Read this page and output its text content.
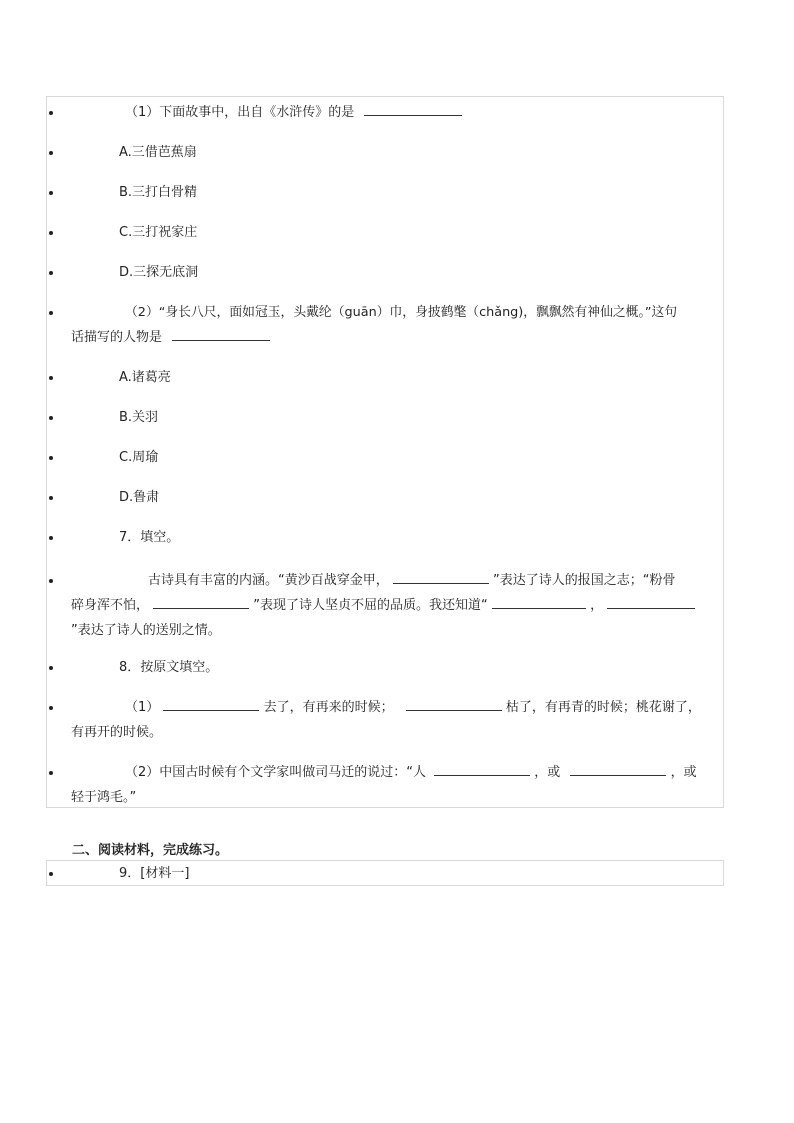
（1）下面故事中，出自《水浒传》的是
A.三借芭蕉扇
B.三打白骨精
C.三打祝家庄
D.三探无底洞
（2）“身长八尺，面如冠玉，头戴纶（guān）巾，身披鹤氅（chǎng)，飘飘然有神仙之概。”这句
话描写的人物是
A.诸葛亮
B.关羽
C.周瑜
D.鲁肃
7．填空。
古诗具有丰富的内涵。“黄沙百战穿金甲，	”表达了诗人的报国之志；“粉骨
碎身浑不怕，	”表现了诗人坚贞不屈的品质。我还知道“	，
”表达了诗人的送别之情。
8．按原文填空。
（1）	去了，有再来的时候；	枯了，有再青的时候；桃花谢了，
有再开的时候。
（2）中国古时候有个文学家叫做司马迁的说过：“人	，或	，或
轻于鸿毛。”
二、阅读材料，完成练习。
9．[材料一]
